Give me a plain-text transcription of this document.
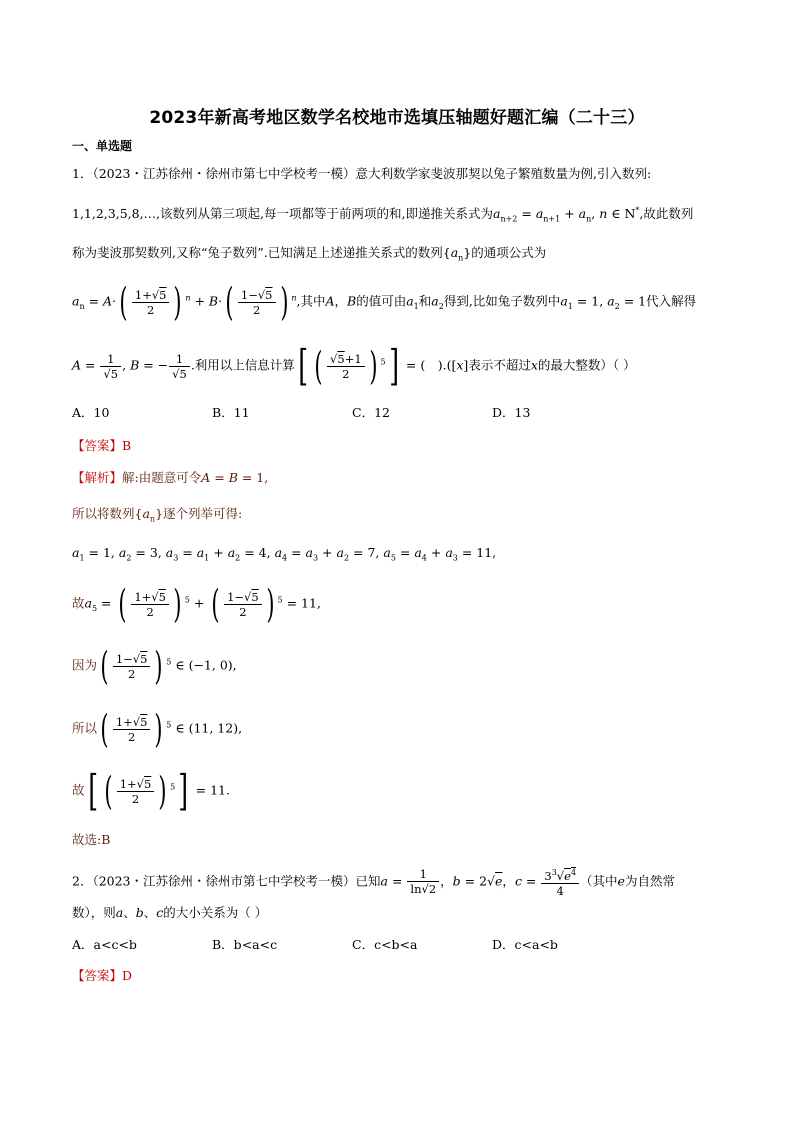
2023年新高考地区数学名校地市选填压轴题好题汇编（二十三）
一、单选题
1．（2023・江苏徐州・徐州市第七中学校考一模）意大利数学家斐波那契以兔子繁殖数量为例,引入数列:
1,1,2,3,5,8,…,该数列从第三项起,每一项都等于前两项的和,即递推关系式为$a_{n+2} = a_{n+1} + a_n$, n ∈ N*,故此数列
称为斐波那契数列,又称“兔子数列”.已知满足上述递推关系式的数列$\{a_n\}$的通项公式为
$a_n = A\cdot( \frac{1+√5}{2}$ ) $^n + B\cdot( \frac{1-√5}{2}$ ) $^n$,其中A，B的值可由$a_1$和$a_2$得到,比如兔子数列中$a_1 = 1$, $a_2 = 1$代入解得
$A = \frac{1}{√5}$ , B = − $\frac{1}{√5}$ .利用以上信息计算[ ( $\frac{√5+1}{2}$ ) $^5$] = (　).([x]表示不超过x的最大整数）（ ）
A．10	B．11	C．12	D．13
【答案】B
【解析】解:由题意可令A = B = 1,
所以将数列$\{a_n\}$逐个列举可得:
$a_1 = 1$, $a_2 = 3$, $a_3 = a_1 + a_2 = 4$, $a_4 = a_3 + a_2 = 7$, $a_5 = a_4 + a_3 = 11$,
故$a_5$ = ( $\frac{1+√5}{2}$ ) $^5$ + ( $\frac{1-√5}{2}$ ) $^5$ = 11,
因为( $\frac{1-√5}{2}$ ) $^5$ ∈ (−1, 0),
所以( $\frac{1+√5}{2}$ ) $^5$ ∈ (11, 12),
故[ ( $\frac{1+√5}{2}$ ) $^5$] = 11.
故选:B
2．（2023・江苏徐州・徐州市第七中学校考一模）已知$a = \frac{1}{\ln√2}$ ，b = 2√e，$c = \frac{3^3√e^4}{4}$ （其中e为自然常
数），则a、b、c的大小关系为（ ）
A．a<c<b	B．b<a<c	C．c<b<a	D．c<a<b
【答案】D
